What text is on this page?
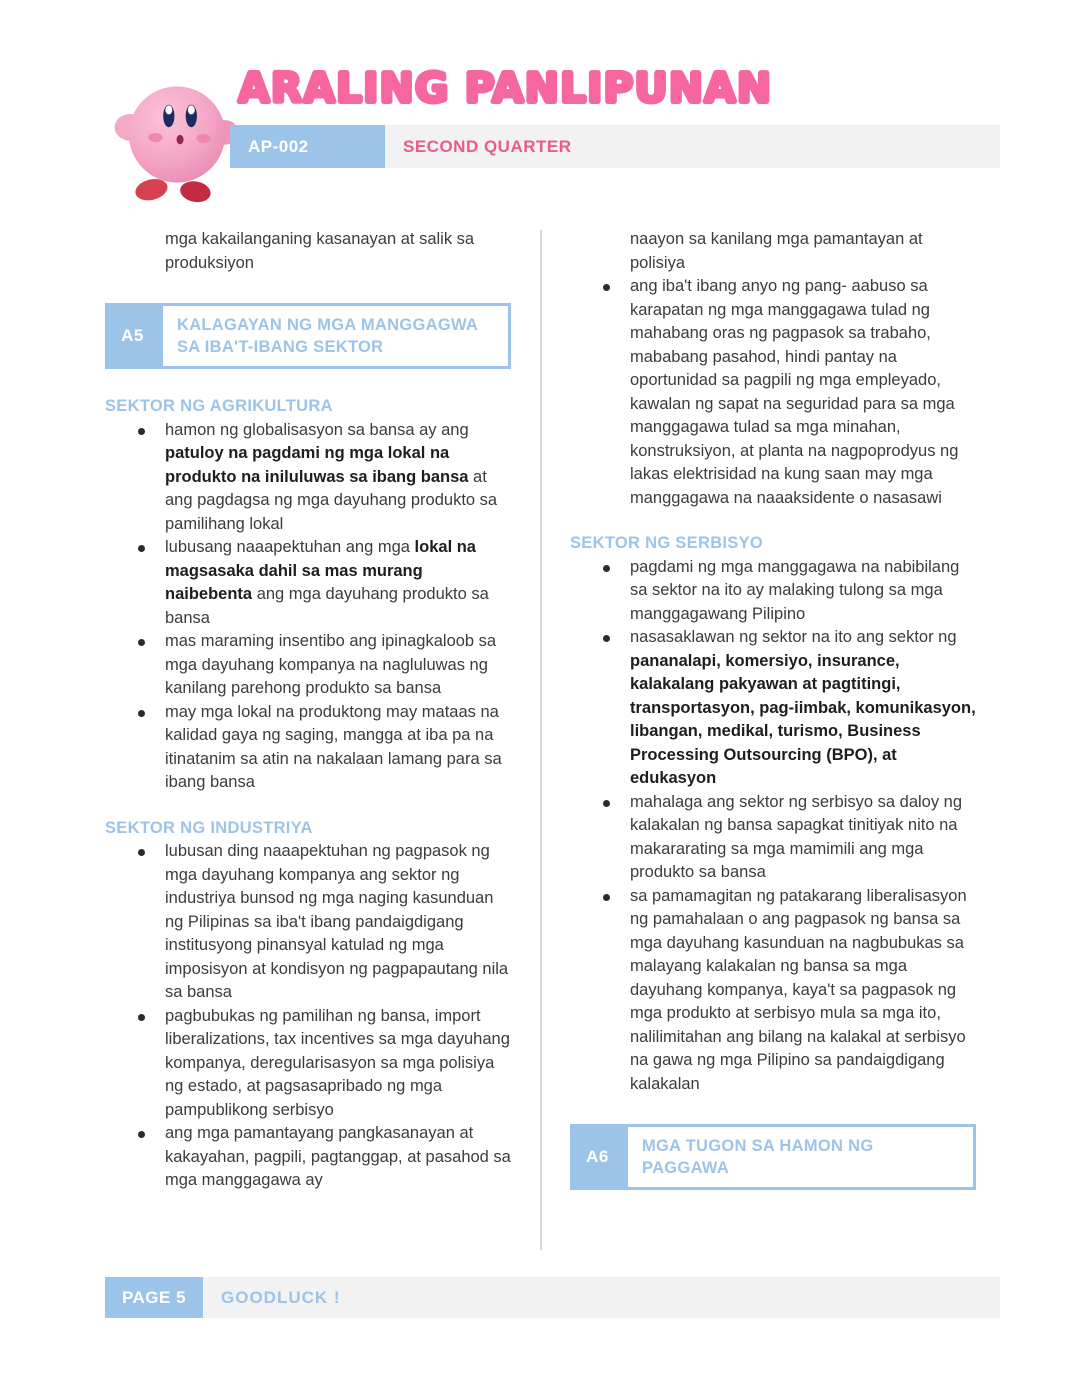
ARALING PANLIPUNAN
AP-002	SECOND QUARTER

mga kakailanganing kasanayan at salik sa produksiyon

A5
KALAGAYAN NG MGA MANGGAGWA SA IBA'T-IBANG SEKTOR
SEKTOR NG AGRIKULTURA
hamon ng globalisasyon sa bansa ay ang patuloy na pagdami ng mga lokal na produkto na iniluluwas sa ibang bansa at ang pagdagsa ng mga dayuhang produkto sa pamilihang lokal
lubusang naaapektuhan ang mga lokal na magsasaka dahil sa mas murang naibebenta ang mga dayuhang produkto sa bansa
mas maraming insentibo ang ipinagkaloob sa mga dayuhang kompanya na nagluluwas ng kanilang parehong produkto sa bansa
may mga lokal na produktong may mataas na kalidad gaya ng saging, mangga at iba pa na itinatanim sa atin na nakalaan lamang para sa ibang bansa
SEKTOR NG INDUSTRIYA
lubusan ding naaapektuhan ng pagpasok ng mga dayuhang kompanya ang sektor ng industriya bunsod ng mga naging kasunduan ng Pilipinas sa iba't ibang pandaigdigang institusyong pinansyal katulad ng mga imposisyon at kondisyon ng pagpapautang nila sa bansa
pagbubukas ng pamilihan ng bansa, import liberalizations, tax incentives sa mga dayuhang kompanya, deregularisasyon sa mga polisiya ng estado, at pagsasapribado ng mga pampublikong serbisyo
ang mga pamantayang pangkasanayan at kakayahan, pagpili, pagtanggap, at pasahod sa mga manggagawa ay

naayon sa kanilang mga pamantayan at polisiya

ang iba't ibang anyo ng pang- aabuso sa karapatan ng mga manggagawa tulad ng mahabang oras ng pagpasok sa trabaho, mababang pasahod, hindi pantay na oportunidad sa pagpili ng mga empleyado, kawalan ng sapat na seguridad para sa mga manggagawa tulad sa mga minahan, konstruksiyon, at planta na nagpoprodyus ng lakas elektrisidad na kung saan may mga manggagawa na naaaksidente o nasasawi
SEKTOR NG SERBISYO
pagdami ng mga manggagawa na nabibilang sa sektor na ito ay malaking tulong sa mga manggagawang Pilipino
nasasaklawan ng sektor na ito ang sektor ng pananalapi, komersiyo, insurance, kalakalang pakyawan at pagtitingi, transportasyon, pag-iimbak, komunikasyon, libangan, medikal, turismo, Business Processing Outsourcing (BPO), at edukasyon
mahalaga ang sektor ng serbisyo sa daloy ng kalakalan ng bansa sapagkat tinitiyak nito na makararating sa mga mamimili ang mga produkto sa bansa
sa pamamagitan ng patakarang liberalisasyon ng pamahalaan o ang pagpasok ng bansa sa mga dayuhang kasunduan na nagbubukas sa malayang kalakalan ng bansa sa mga dayuhang kompanya, kaya't sa pagpasok ng mga produkto at serbisyo mula sa mga ito, nalilimitahan ang bilang na kalakal at serbisyo na gawa ng mga Pilipino sa pandaigdigang kalakalan
A6
MGA TUGON SA HAMON NG PAGGAWA
PAGE 5	GOODLUCK !
